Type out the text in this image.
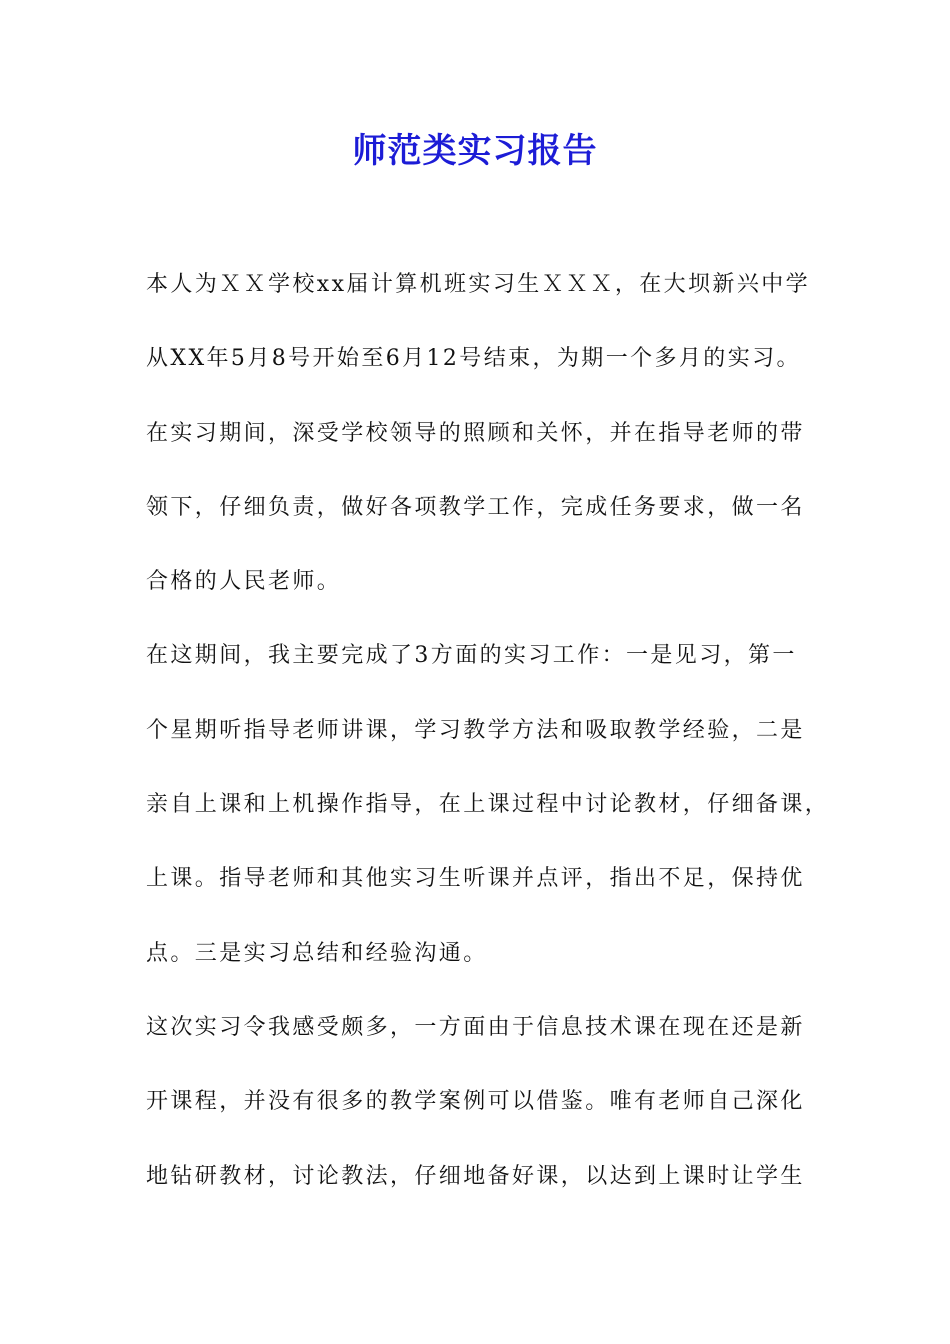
师范类实习报告
本人为ＸＸ学校xx届计算机班实习生ＸＸＸ，在大坝新兴中学
从XX年5月8号开始至6月12号结束，为期一个多月的实习。
在实习期间，深受学校领导的照顾和关怀，并在指导老师的带
领下，仔细负责，做好各项教学工作，完成任务要求，做一名
合格的人民老师。
在这期间，我主要完成了3方面的实习工作：一是见习，第一
个星期听指导老师讲课，学习教学方法和吸取教学经验，二是
亲自上课和上机操作指导，在上课过程中讨论教材，仔细备课，
上课。指导老师和其他实习生听课并点评，指出不足，保持优
点。三是实习总结和经验沟通。
这次实习令我感受颇多，一方面由于信息技术课在现在还是新
开课程，并没有很多的教学案例可以借鉴。唯有老师自己深化
地钻研教材，讨论教法，仔细地备好课，以达到上课时让学生
